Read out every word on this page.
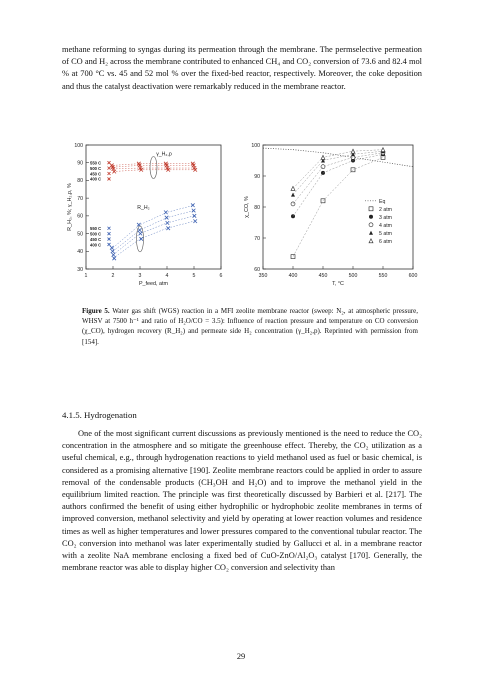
methane reforming to syngas during its permeation through the membrane. The permselective permeation of CO and H₂ across the membrane contributed to enhanced CH₄ and CO₂ conversion of 73.6 and 82.4 mol % at 700 °C vs. 45 and 52 mol % over the fixed-bed reactor, respectively. Moreover, the coke deposition and thus the catalyst deactivation were remarkably reduced in the membrane reactor.

1	2	3	4	5	6
30
40
50
60
70
80
90
100
P_feed, atm
R_H₂, %; γ_H₂,p, %
γ_H₂,p
R_H₂
550 C
500 C
450 C
400 C
550 C
500 C
450 C
400 C
350	400	450	500	550	600
60
70
80
90
100
T, °C
χ_CO, %	Eq
2 atm
3 atm
4 atm
5 atm
6 atm

Figure 5. Water gas shift (WGS) reaction in a MFI zeolite membrane reactor (sweep: N₂, at atmospheric pressure, WHSV at 7500 h⁻¹ and ratio of H₂O/CO = 3.5): Influence of reaction pressure and temperature on CO conversion (χ_CO), hydrogen recovery (R_H₂) and permeate side H₂ concentration (γ_H₂,p). Reprinted with permission from [154].

4.1.5. Hydrogenation

One of the most significant current discussions as previously mentioned is the need to reduce the CO₂ concentration in the atmosphere and so mitigate the greenhouse effect. Thereby, the CO₂ utilization as a useful chemical, e.g., through hydrogenation reactions to yield methanol used as fuel or basic chemical, is considered as a promising alternative [190]. Zeolite membrane reactors could be applied in order to assure removal of the condensable products (CH₃OH and H₂O) and to improve the methanol yield in the equilibrium limited reaction. The principle was first theoretically discussed by Barbieri et al. [217]. The authors confirmed the benefit of using either hydrophilic or hydrophobic zeolite membranes in terms of improved conversion, methanol selectivity and yield by operating at lower reaction volumes and residence times as well as higher temperatures and lower pressures compared to the conventional tubular reactor. The CO₂ conversion into methanol was later experimentally studied by Gallucci et al. in a membrane reactor with a zeolite NaA membrane enclosing a fixed bed of CuO-ZnO/Al₂O₃ catalyst [170]. Generally, the membrane reactor was able to display higher CO₂ conversion and selectivity than

29
